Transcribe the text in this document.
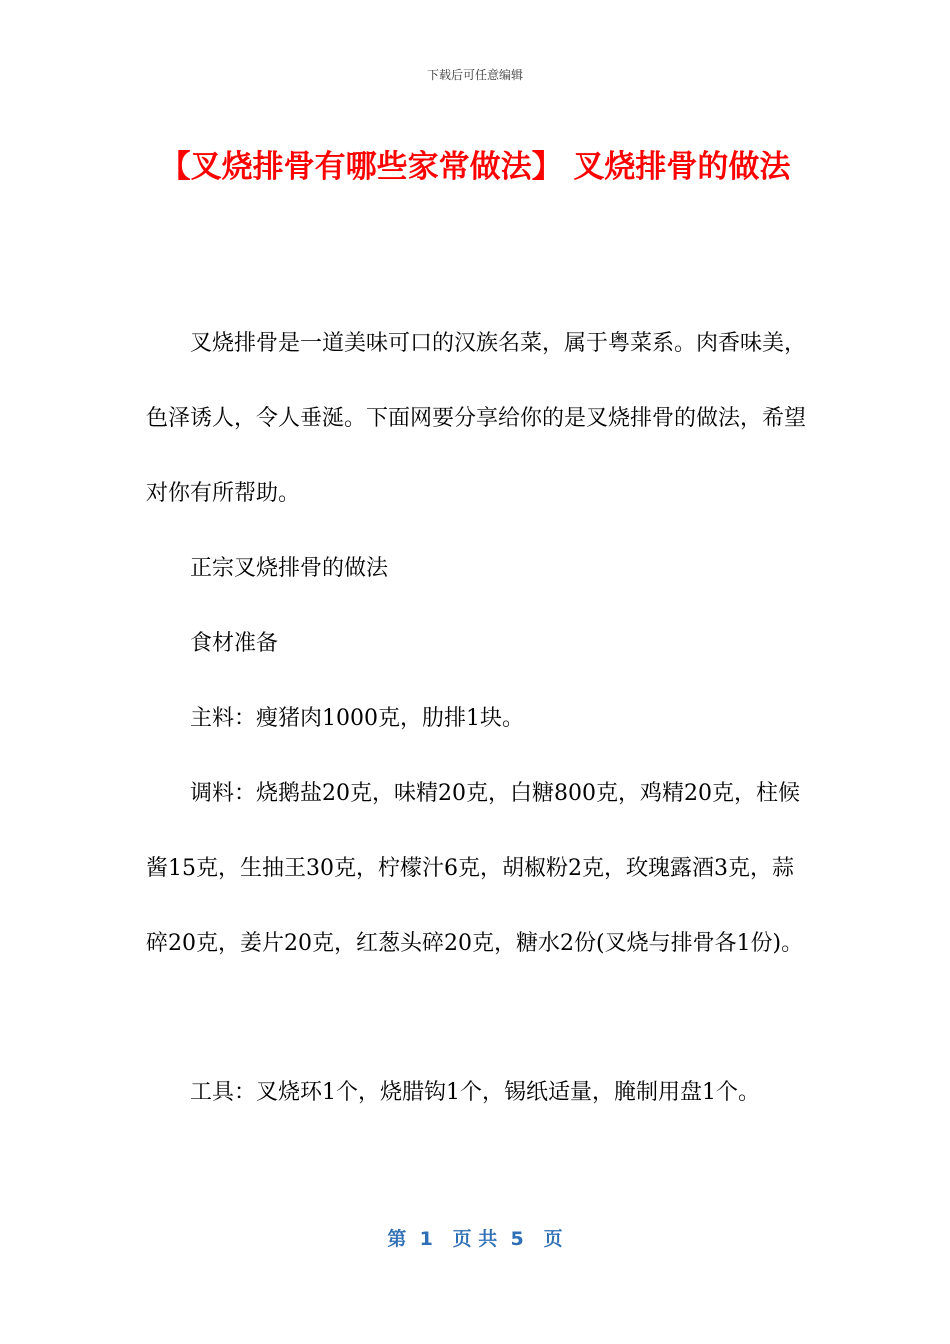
下载后可任意编辑
【叉烧排骨有哪些家常做法】 叉烧排骨的做法

叉烧排骨是一道美味可口的汉族名菜，属于粤菜系。肉香味美，色泽诱人，令人垂涎。下面网要分享给你的是叉烧排骨的做法，希望对你有所帮助。

正宗叉烧排骨的做法

食材准备

主料：瘦猪肉1000克，肋排1块。

调料：烧鹅盐20克，味精20克，白糖800克，鸡精20克，柱候酱15克，生抽王30克，柠檬汁6克，胡椒粉2克，玫瑰露酒3克，蒜碎20克，姜片20克，红葱头碎20克，糖水2份(叉烧与排骨各1份)。

工具：叉烧环1个，烧腊钩1个，锡纸适量，腌制用盘1个。

第  1   页 共  5   页
